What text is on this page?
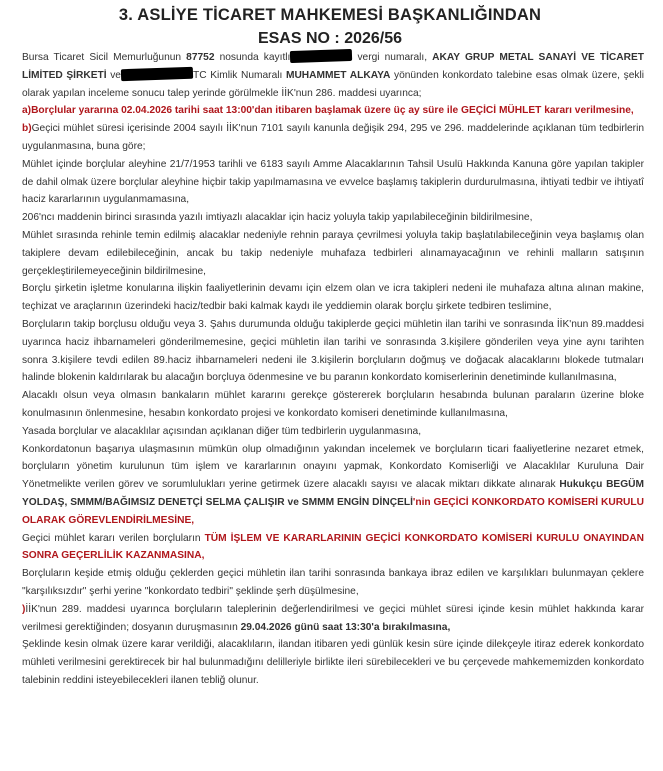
3. ASLİYE TİCARET MAHKEMESİ BAŞKANLIĞINDAN
ESAS NO : 2026/56

Bursa Ticaret Sicil Memurluğunun 87752 nosunda kayıtlı	vergi numaralı, AKAY GRUP METAL SANAYİ VE TİCARET LİMİTED ŞİRKETİ ve	TC Kimlik Numaralı MUHAMMET ALKAYA yönünden konkordato talebine esas olmak üzere, şekli olarak yapılan inceleme sonucu talep yerinde görülmekle İİK'nun 286. maddesi uyarınca;

a)Borçlular yararına 02.04.2026 tarihi saat 13:00'dan itibaren başlamak üzere üç ay süre ile GEÇİCİ MÜHLET kararı verilmesine,

b)Geçici mühlet süresi içerisinde 2004 sayılı İİK'nun 7101 sayılı kanunla değişik 294, 295 ve 296. maddelerinde açıklanan tüm tedbirlerin uygulanmasına, buna göre;

Mühlet içinde borçlular aleyhine 21/7/1953 tarihli ve 6183 sayılı Amme Alacaklarının Tahsil Usulü Hakkında Kanuna göre yapılan takipler de dahil olmak üzere borçlular aleyhine hiçbir takip yapılmamasına ve evvelce başlamış takiplerin durdurulmasına, ihtiyati tedbir ve ihtiyatî haciz kararlarının uygulanmamasına,

206'ncı maddenin birinci sırasında yazılı imtiyazlı alacaklar için haciz yoluyla takip yapılabileceğinin bildirilmesine,

Mühlet sırasında rehinle temin edilmiş alacaklar nedeniyle rehnin paraya çevrilmesi yoluyla takip başlatılabileceğinin veya başlamış olan takiplere devam edilebileceğinin, ancak bu takip nedeniyle muhafaza tedbirleri alınamayacağının ve rehinli malların satışının gerçekleştirilemeyeceğinin bildirilmesine,

Borçlu şirketin işletme konularına ilişkin faaliyetlerinin devamı için elzem olan ve icra takipleri nedeni ile muhafaza altına alınan makine, teçhizat ve araçlarının üzerindeki haciz/tedbir baki kalmak kaydı ile yeddiemin olarak borçlu şirkete tedbiren teslimine,

Borçluların takip borçlusu olduğu veya 3. Şahıs durumunda olduğu takiplerde geçici mühletin ilan tarihi ve sonrasında İİK'nun 89.maddesi uyarınca haciz ihbarnameleri gönderilmemesine, geçici mühletin ilan tarihi ve sonrasında 3.kişilere gönderilen veya yine aynı tarihten sonra 3.kişilere tevdi edilen 89.haciz ihbarnameleri nedeni ile 3.kişilerin borçluların doğmuş ve doğacak alacaklarını blokede tutmaları halinde blokenin kaldırılarak bu alacağın borçluya ödenmesine ve bu paranın konkordato komiserlerinin denetiminde kullanılmasına,

Alacaklı olsun veya olmasın bankaların mühlet kararını gerekçe göstererek borçluların hesabında bulunan paraların üzerine bloke konulmasının önlenmesine, hesabın konkordato projesi ve konkordato komiseri denetiminde kullanılmasına,

Yasada borçlular ve alacaklılar açısından açıklanan diğer tüm tedbirlerin uygulanmasına,

Konkordatonun başarıya ulaşmasının mümkün olup olmadığının yakından incelemek ve borçluların ticari faaliyetlerine nezaret etmek, borçluların yönetim kurulunun tüm işlem ve kararlarının onayını yapmak, Konkordato Komiserliği ve Alacaklılar Kuruluna Dair Yönetmelikte verilen görev ve sorumlulukları yerine getirmek üzere alacaklı sayısı ve alacak miktarı dikkate alınarak Hukukçu BEGÜM YOLDAŞ, SMMM/BAĞIMSIZ DENETÇİ SELMA ÇALIŞIR ve SMMM ENGİN DİNÇELİ'nin GEÇİCİ KONKORDATO KOMİSERİ KURULU OLARAK GÖREVLENDİRİLMESİNE,

Geçici mühlet kararı verilen borçluların TÜM İŞLEM VE KARARLARININ GEÇİCİ KONKORDATO KOMİSERİ KURULU ONAYINDAN SONRA GEÇERLİLİK KAZANMASINA,

Borçluların keşide etmiş olduğu çeklerden geçici mühletin ilan tarihi sonrasında bankaya ibraz edilen ve karşılıkları bulunmayan çeklere "karşılıksızdır" şerhi yerine "konkordato tedbiri" şeklinde şerh düşülmesine,

)İİK'nun 289. maddesi uyarınca borçluların taleplerinin değerlendirilmesi ve geçici mühlet süresi içinde kesin mühlet hakkında karar verilmesi gerektiğinden; dosyanın duruşmasının 29.04.2026 günü saat 13:30'a bırakılmasına,

Şeklinde kesin olmak üzere karar verildiği, alacaklıların, ilandan itibaren yedi günlük kesin süre içinde dilekçeyle itiraz ederek konkordato mühleti verilmesini gerektirecek bir hal bulunmadığını delilleriyle birlikte ileri sürebilecekleri ve bu çerçevede mahkememizden konkordato talebinin reddini isteyebilecekleri ilanen tebliğ olunur.
